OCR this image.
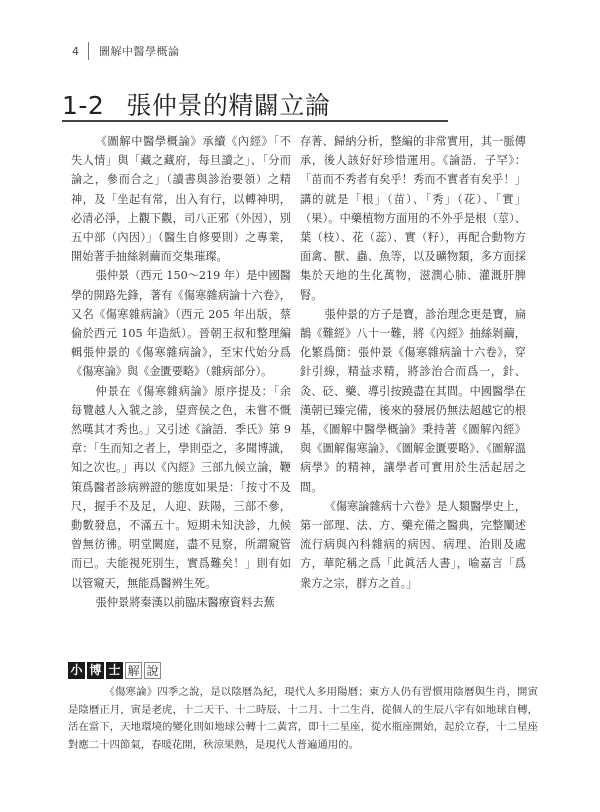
4	圖解中醫學概論
1-2 張仲景的精闢立論

《圖解中醫學概論》承續《內經》「不失人情」與「藏之藏府，每旦讀之」、「分而論之，參而合之」（讀書與診治要領）之精神，及「坐起有常，出入有行，以轉神明，必清必淨，上觀下觀，司八正邪（外因），別五中部（內因）」（醫生自修要則）之專業，開始著手抽絲剝繭而交集璀璨。

張仲景（西元 150～219 年）是中國醫學的開路先鋒，著有《傷寒雜病論十六卷》，又名《傷寒雜病論》（西元 205 年出版，蔡倫於西元 105 年造紙）。晉朝王叔和整理編輯張仲景的《傷寒雜病論》，至宋代始分爲《傷寒論》與《金匱要略》（雜病部分）。

仲景在《傷寒雜病論》原序提及：「余每覽越人入虢之診，望齊侯之色，未嘗不慨然嘆其才秀也。」又引述《論語．季氏》第 9 章：「生而知之者上，學則亞之，多聞博識，知之次也。」再以《內經》三部九候立論，鞭策爲醫者診病辨證的態度如果是：「按寸不及尺，握手不及足，人迎、趺陽，三部不參，動數發息，不滿五十。短期未知決診，九候曾無彷彿。明堂闕庭，盡不見察，所謂窺管而已。夫能視死別生，實爲難矣！」則有如以管窺天，無能爲醫辨生死。

張仲景將秦漢以前臨床醫療資料去蕪

存菁、歸納分析，整編的非常實用，其一脈傳承，後人該好好珍惜運用。《論語．子罕》：「苗而不秀者有矣乎！秀而不實者有矣乎！」講的就是「根」（苗）、「秀」（花）、「實」（果）。中藥植物方面用的不外乎是根（莖）、葉（枝）、花（蕊）、實（籽），再配合動物方面禽、獸、蟲、魚等，以及礦物類，多方面採集於天地的生化萬物，滋潤心肺、灌溉肝脾腎。

張仲景的方子是寶，診治理念更是寶，扁鵲《難經》八十一難，將《內經》抽絲剝繭，化繁爲簡：張仲景《傷寒雜病論十六卷》，穿針引線，精益求精，將診治合而爲一，針、灸、砭、藥、導引按蹺盡在其間。中國醫學在漢朝已臻完備，後來的發展仍無法超越它的根基，《圖解中醫學概論》秉持著《圖解內經》與《圖解傷寒論》、《圖解金匱要略》、《圖解溫病學》的精神，讓學者可實用於生活起居之間。

《傷寒論雜病十六卷》是人類醫學史上，第一部理、法、方、藥充備之醫典，完整闡述流行病與內科雜病的病因、病理、治則及處方，華陀稱之爲「此眞活人書」，喻嘉言「爲衆方之宗，群方之首。」

小 博 士 解 說

《傷寒論》四季之說，是以陰曆為紀，現代人多用陽曆；東方人仍有習慣用陰曆與生肖，開寅是陰曆正月，寅是老虎，十二天干、十二時辰、十二月、十二生肖，從個人的生辰八字有如地球自轉，活在當下，天地環境的變化則如地球公轉十二黃宮，即十二星座，從水瓶座開始，起於立春，十二星座對應二十四節氣，春暖花開，秋涼果熟，是現代人普遍通用的。
